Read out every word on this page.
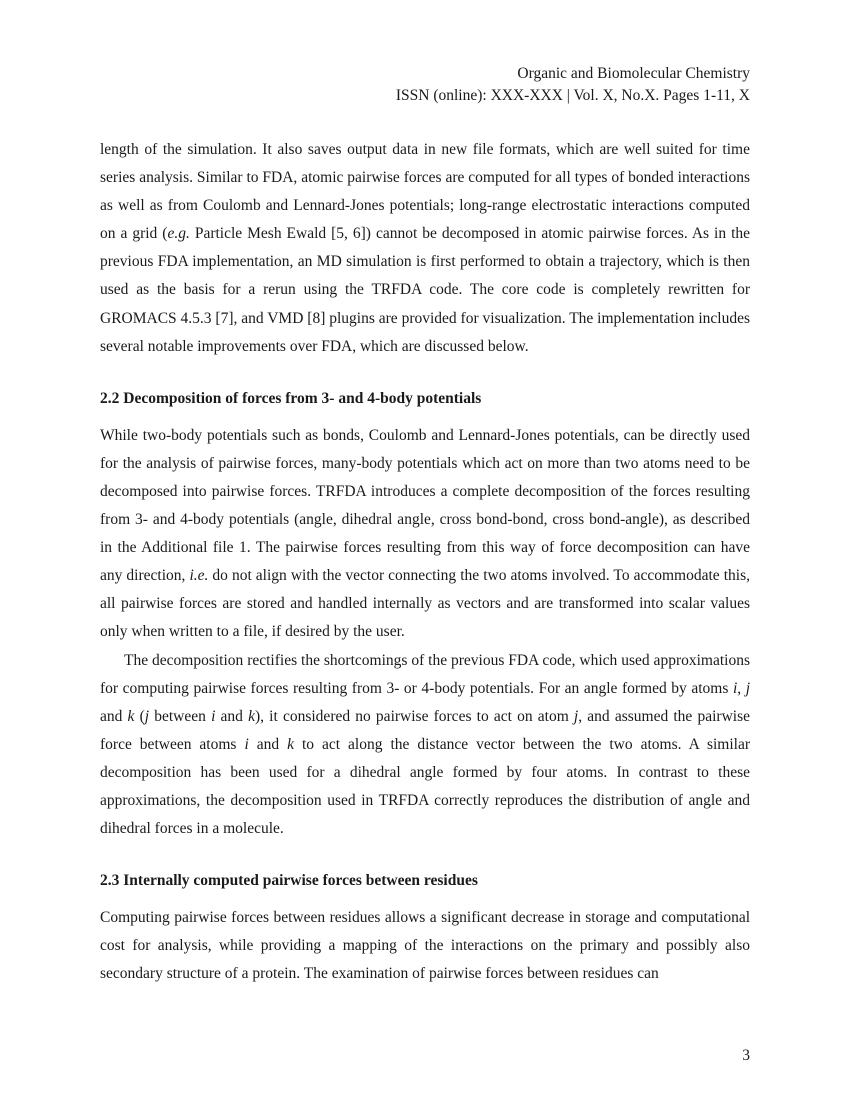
Organic and Biomolecular Chemistry
ISSN (online): XXX-XXX | Vol. X, No.X. Pages 1-11, X

length of the simulation. It also saves output data in new file formats, which are well suited for time series analysis. Similar to FDA, atomic pairwise forces are computed for all types of bonded interactions as well as from Coulomb and Lennard-Jones potentials; long-range electrostatic interactions computed on a grid (e.g. Particle Mesh Ewald [5, 6]) cannot be decomposed in atomic pairwise forces. As in the previous FDA implementation, an MD simulation is first performed to obtain a trajectory, which is then used as the basis for a rerun using the TRFDA code. The core code is completely rewritten for GROMACS 4.5.3 [7], and VMD [8] plugins are provided for visualization. The implementation includes several notable improvements over FDA, which are discussed below.

2.2 Decomposition of forces from 3- and 4-body potentials

While two-body potentials such as bonds, Coulomb and Lennard-Jones potentials, can be directly used for the analysis of pairwise forces, many-body potentials which act on more than two atoms need to be decomposed into pairwise forces. TRFDA introduces a complete decomposition of the forces resulting from 3- and 4-body potentials (angle, dihedral angle, cross bond-bond, cross bond-angle), as described in the Additional file 1. The pairwise forces resulting from this way of force decomposition can have any direction, i.e. do not align with the vector connecting the two atoms involved. To accommodate this, all pairwise forces are stored and handled internally as vectors and are transformed into scalar values only when written to a file, if desired by the user.

The decomposition rectifies the shortcomings of the previous FDA code, which used approximations for computing pairwise forces resulting from 3- or 4-body potentials. For an angle formed by atoms i, j and k (j between i and k), it considered no pairwise forces to act on atom j, and assumed the pairwise force between atoms i and k to act along the distance vector between the two atoms. A similar decomposition has been used for a dihedral angle formed by four atoms. In contrast to these approximations, the decomposition used in TRFDA correctly reproduces the distribution of angle and dihedral forces in a molecule.

2.3 Internally computed pairwise forces between residues

Computing pairwise forces between residues allows a significant decrease in storage and computational cost for analysis, while providing a mapping of the interactions on the primary and possibly also secondary structure of a protein. The examination of pairwise forces between residues can

3
